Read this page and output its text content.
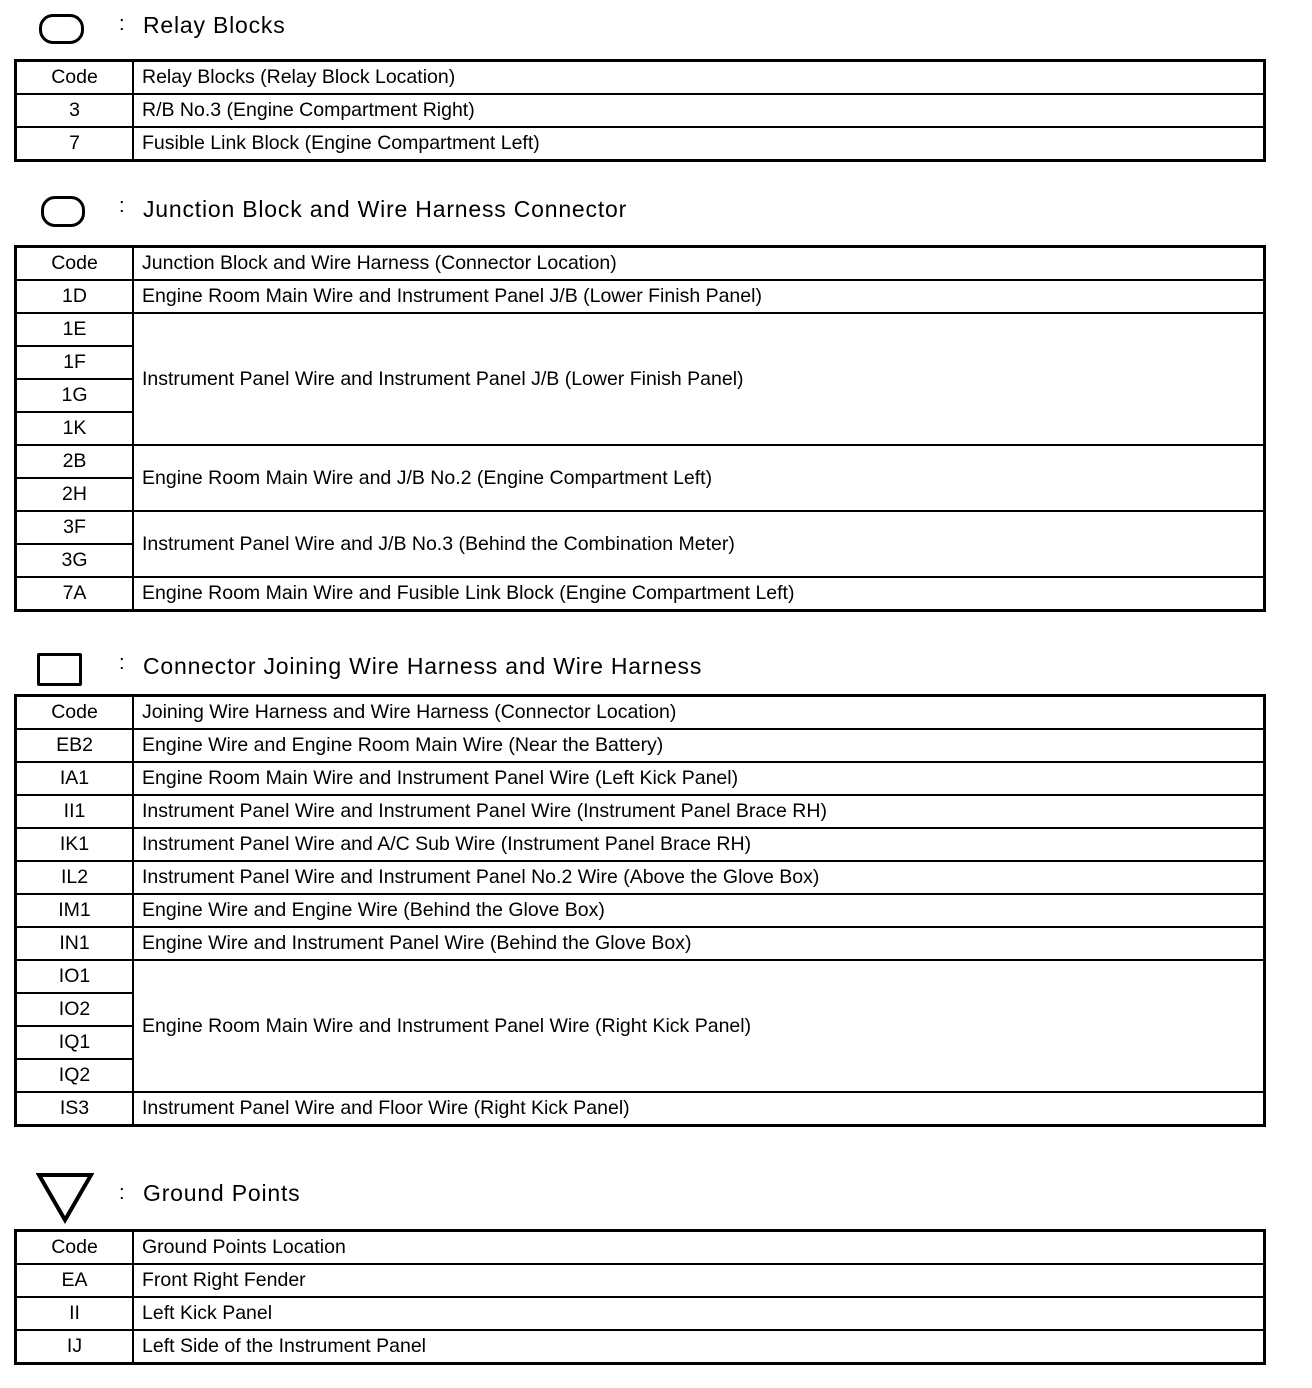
: Relay Blocks
Code	Relay Blocks (Relay Block Location)
3	R/B No.3 (Engine Compartment Right)
7	Fusible Link Block (Engine Compartment Left)
: Junction Block and Wire Harness Connector
Code	Junction Block and Wire Harness (Connector Location)
1D	Engine Room Main Wire and Instrument Panel J/B (Lower Finish Panel)
1E	Instrument Panel Wire and Instrument Panel J/B (Lower Finish Panel)
1F	
1G	
1K	
2B	Engine Room Main Wire and J/B No.2 (Engine Compartment Left)
2H	
3F	Instrument Panel Wire and J/B No.3 (Behind the Combination Meter)
3G	
7A	Engine Room Main Wire and Fusible Link Block (Engine Compartment Left)
: Connector Joining Wire Harness and Wire Harness
Code	Joining Wire Harness and Wire Harness (Connector Location)
EB2	Engine Wire and Engine Room Main Wire (Near the Battery)
IA1	Engine Room Main Wire and Instrument Panel Wire (Left Kick Panel)
II1	Instrument Panel Wire and Instrument Panel Wire (Instrument Panel Brace RH)
IK1	Instrument Panel Wire and A/C Sub Wire (Instrument Panel Brace RH)
IL2	Instrument Panel Wire and Instrument Panel No.2 Wire (Above the Glove Box)
IM1	Engine Wire and Engine Wire (Behind the Glove Box)
IN1	Engine Wire and Instrument Panel Wire (Behind the Glove Box)
IO1	Engine Room Main Wire and Instrument Panel Wire (Right Kick Panel)
IO2	
IQ1	
IQ2	
IS3	Instrument Panel Wire and Floor Wire (Right Kick Panel)
: Ground Points
Code	Ground Points Location
EA	Front Right Fender
II	Left Kick Panel
IJ	Left Side of the Instrument Panel
